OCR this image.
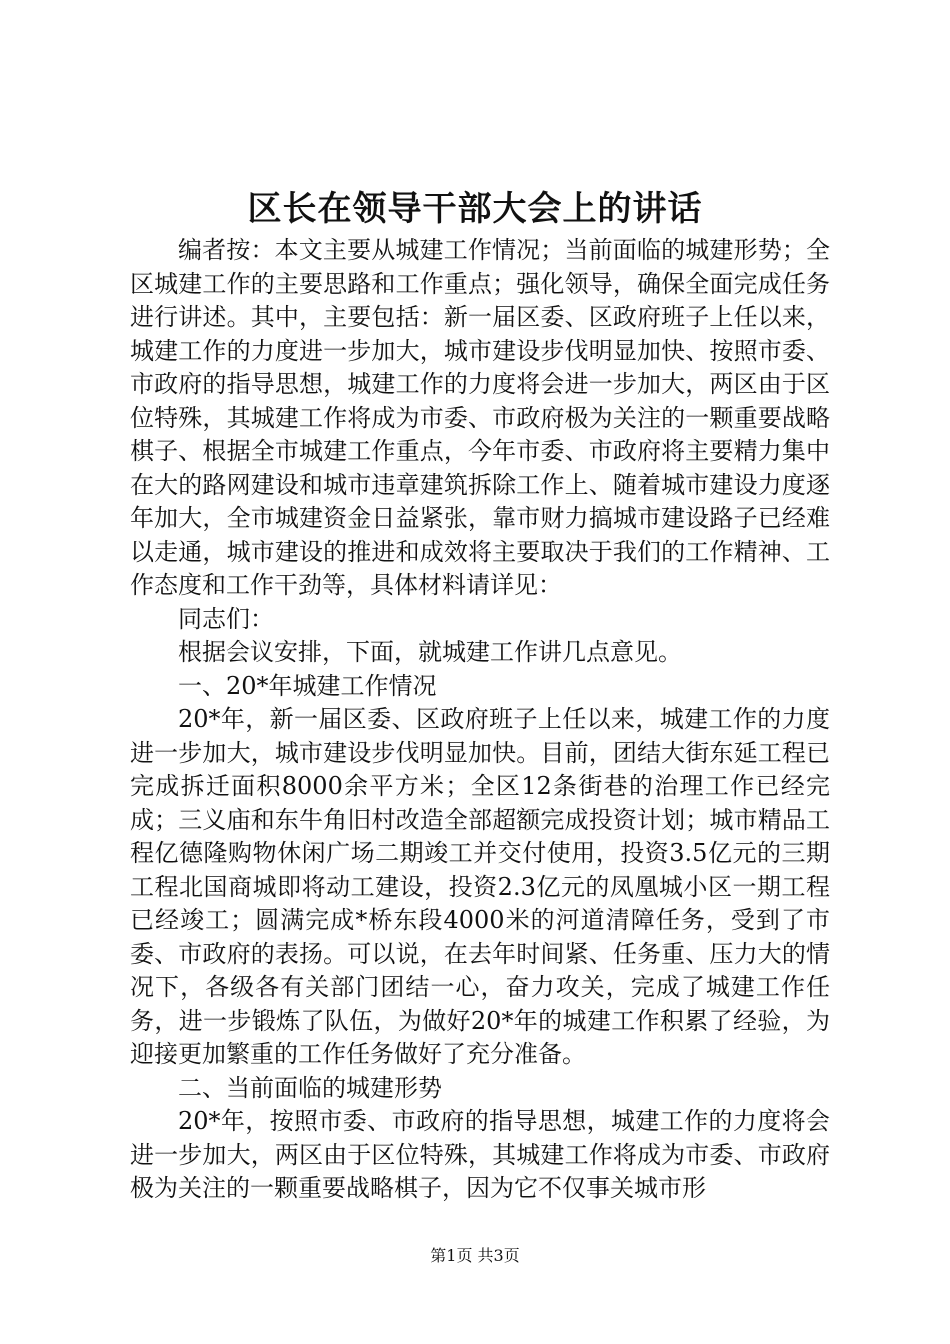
区长在领导干部大会上的讲话

编者按：本文主要从城建工作情况；当前面临的城建形势；全区城建工作的主要思路和工作重点；强化领导，确保全面完成任务进行讲述。其中，主要包括：新一届区委、区政府班子上任以来，城建工作的力度进一步加大，城市建设步伐明显加快、按照市委、市政府的指导思想，城建工作的力度将会进一步加大，两区由于区位特殊，其城建工作将成为市委、市政府极为关注的一颗重要战略棋子、根据全市城建工作重点，今年市委、市政府将主要精力集中在大的路网建设和城市违章建筑拆除工作上、随着城市建设力度逐年加大，全市城建资金日益紧张，靠市财力搞城市建设路子已经难以走通，城市建设的推进和成效将主要取决于我们的工作精神、工作态度和工作干劲等，具体材料请详见：

同志们：

根据会议安排，下面，就城建工作讲几点意见。

一、20*年城建工作情况

20*年，新一届区委、区政府班子上任以来，城建工作的力度进一步加大，城市建设步伐明显加快。目前，团结大街东延工程已完成拆迁面积8000余平方米；全区12条街巷的治理工作已经完成；三义庙和东牛角旧村改造全部超额完成投资计划；城市精品工程亿德隆购物休闲广场二期竣工并交付使用，投资3.5亿元的三期工程北国商城即将动工建设，投资2.3亿元的凤凰城小区一期工程已经竣工；圆满完成*桥东段4000米的河道清障任务，受到了市委、市政府的表扬。可以说，在去年时间紧、任务重、压力大的情况下，各级各有关部门团结一心，奋力攻关，完成了城建工作任务，进一步锻炼了队伍，为做好20*年的城建工作积累了经验，为迎接更加繁重的工作任务做好了充分准备。

二、当前面临的城建形势

20*年，按照市委、市政府的指导思想，城建工作的力度将会进一步加大，两区由于区位特殊，其城建工作将成为市委、市政府极为关注的一颗重要战略棋子，因为它不仅事关城市形

第1页 共3页
